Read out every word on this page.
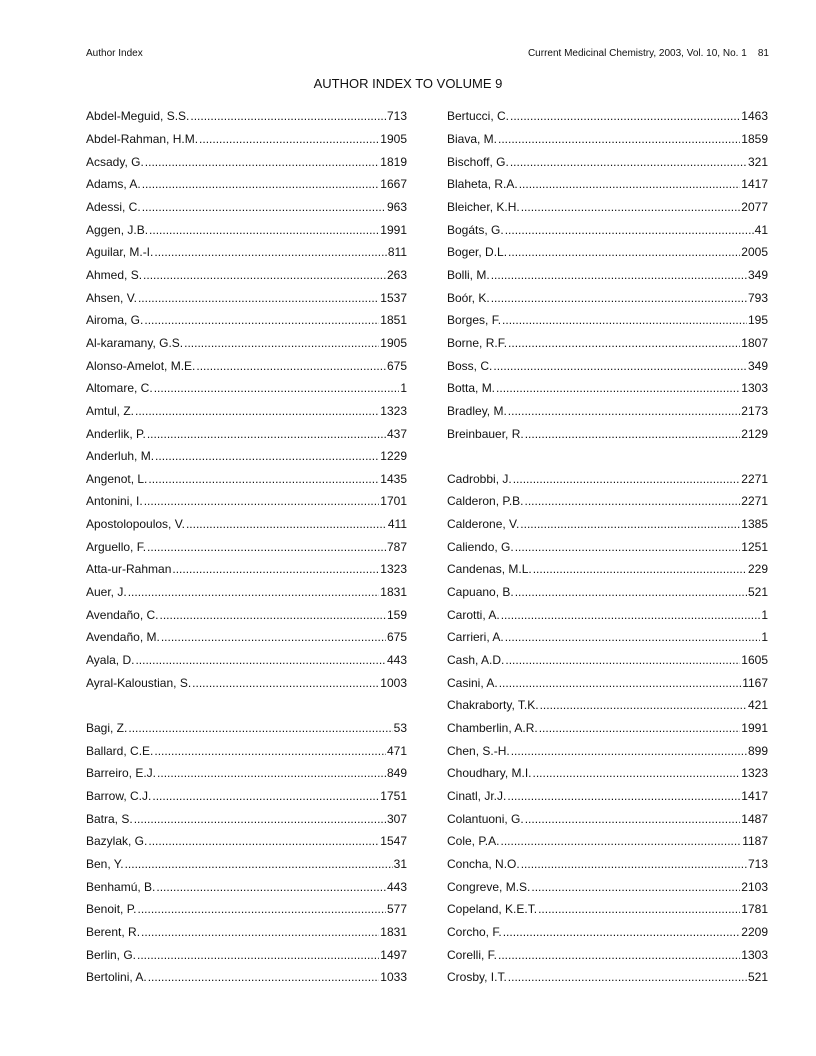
Author Index	Current Medicinal Chemistry, 2003, Vol. 10, No. 1    81
AUTHOR INDEX TO VOLUME 9
Abdel-Meguid, S.S. .....	713
Abdel-Rahman, H.M. .....	1905
Acsady, G. .....	1819
Adams, A. .....	1667
Adessi, C. .....	963
Aggen, J.B. .....	1991
Aguilar, M.-I. .....	811
Ahmed, S. .....	263
Ahsen, V. .....	1537
Airoma, G. .....	1851
Al-karamany, G.S. .....	1905
Alonso-Amelot, M.E. .....	675
Altomare, C. .....	1
Amtul, Z. .....	1323
Anderlik, P. .....	437
Anderluh, M. .....	1229
Angenot, L. .....	1435
Antonini, I. .....	1701
Apostolopoulos, V. .....	411
Arguello, F. .....	787
Atta-ur-Rahman .....	1323
Auer, J. .....	1831
Avendaño, C. .....	159
Avendaño, M. .....	675
Ayala, D. .....	443
Ayral-Kaloustian, S. .....	1003
Bagi, Z. .....	53
Ballard, C.E. .....	471
Barreiro, E.J. .....	849
Barrow, C.J. .....	1751
Batra, S. .....	307
Bazylak, G. .....	1547
Ben, Y. .....	31
Benhamú, B. .....	443
Benoit, P. .....	577
Berent, R. .....	1831
Berlin, G. .....	1497
Bertolini, A. .....	1033
Bertucci, C. .....	1463
Biava, M. .....	1859
Bischoff, G. .....	321
Blaheta, R.A. .....	1417
Bleicher, K.H. .....	2077
Bogáts, G. .....	41
Boger, D.L. .....	2005
Bolli, M. .....	349
Boór, K. .....	793
Borges, F. .....	195
Borne, R.F. .....	1807
Boss, C. .....	349
Botta, M. .....	1303
Bradley, M. .....	2173
Breinbauer, R. .....	2129
Cadrobbi, J. .....	2271
Calderon, P.B. .....	2271
Calderone, V. .....	1385
Caliendo, G. .....	1251
Candenas, M.L. .....	229
Capuano, B. .....	521
Carotti, A. .....	1
Carrieri, A. .....	1
Cash, A.D. .....	1605
Casini, A. .....	1167
Chakraborty, T.K. .....	421
Chamberlin, A.R. .....	1991
Chen, S.-H. .....	899
Choudhary, M.I. .....	1323
Cinatl, Jr.J. .....	1417
Colantuoni, G. .....	1487
Cole, P.A. .....	1187
Concha, N.O. .....	713
Congreve, M.S. .....	2103
Copeland, K.E.T. .....	1781
Corcho, F. .....	2209
Corelli, F. .....	1303
Crosby, I.T. .....	521
